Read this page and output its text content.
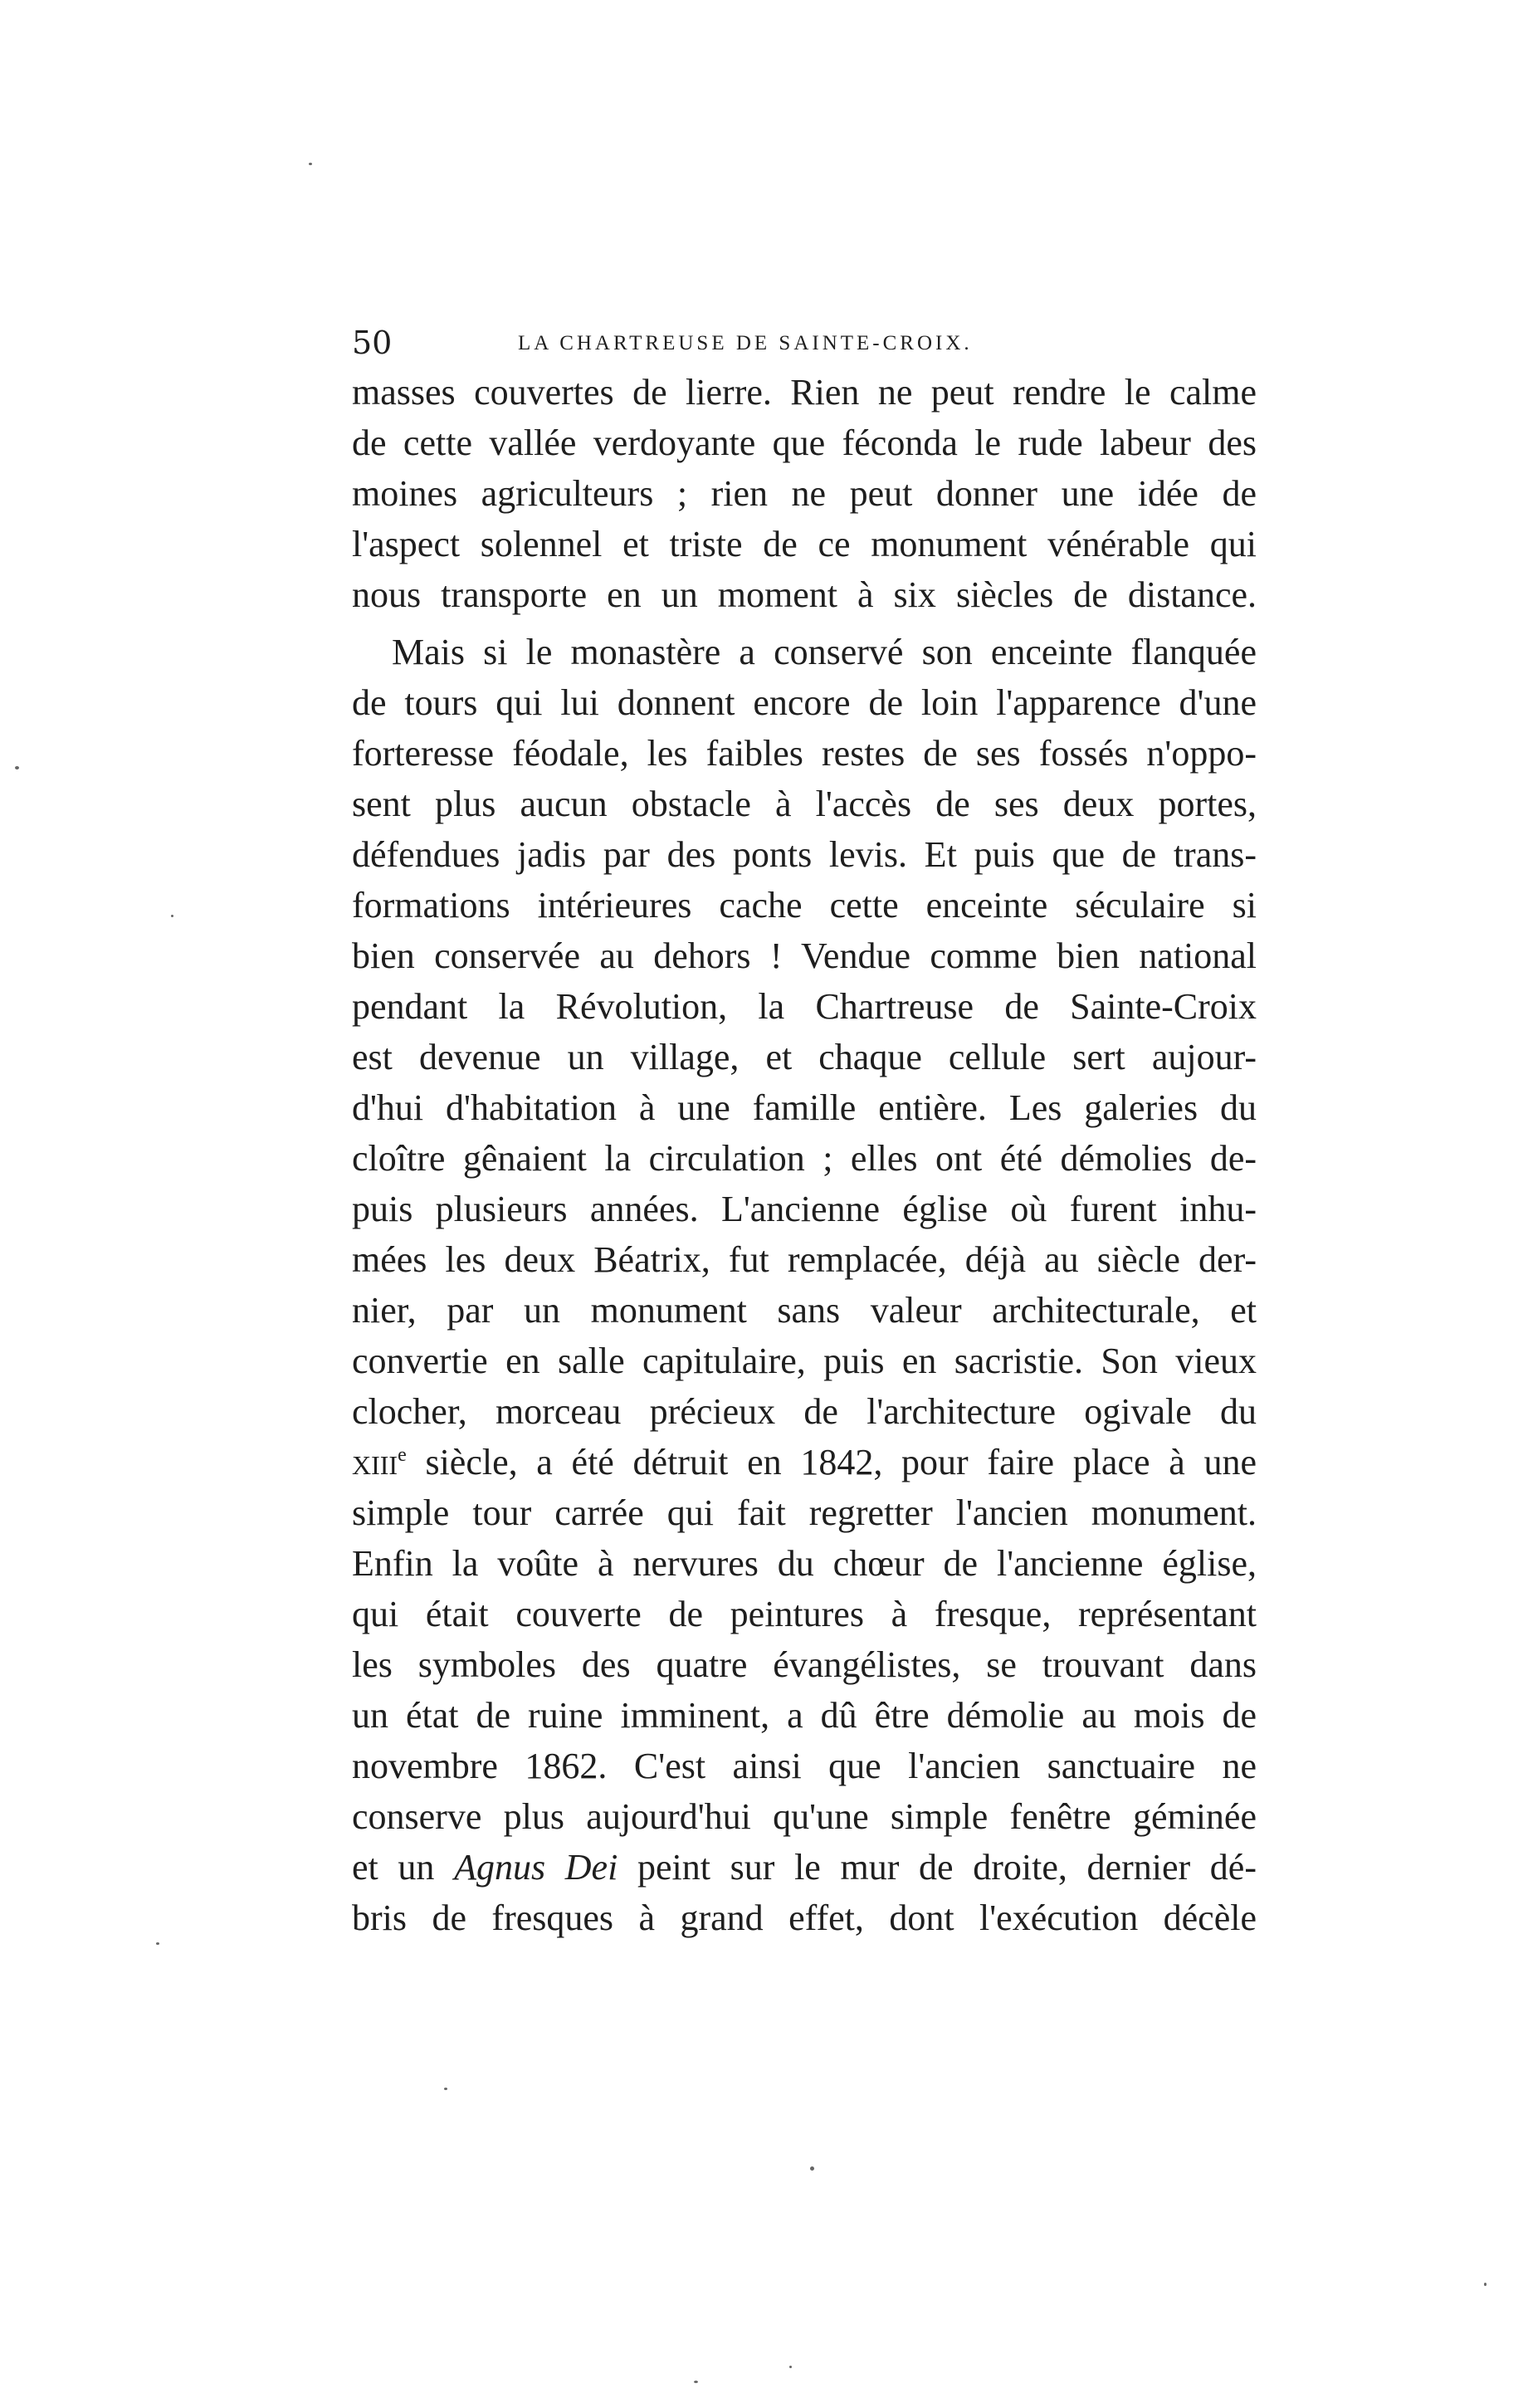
50	LA CHARTREUSE DE SAINTE-CROIX.
masses couvertes de lierre. Rien ne peut rendre le calme
de cette vallée verdoyante que féconda le rude labeur des
moines agriculteurs ; rien ne peut donner une idée de
l'aspect solennel et triste de ce monument vénérable qui
nous transporte en un moment à six siècles de distance.
Mais si le monastère a conservé son enceinte flanquée
de tours qui lui donnent encore de loin l'apparence d'une
forteresse féodale, les faibles restes de ses fossés n'oppo-
sent plus aucun obstacle à l'accès de ses deux portes,
défendues jadis par des ponts levis. Et puis que de trans-
formations intérieures cache cette enceinte séculaire si
bien conservée au dehors ! Vendue comme bien national
pendant la Révolution, la Chartreuse de Sainte-Croix
est devenue un village, et chaque cellule sert aujour-
d'hui d'habitation à une famille entière. Les galeries du
cloître gênaient la circulation ; elles ont été démolies de-
puis plusieurs années. L'ancienne église où furent inhu-
mées les deux Béatrix, fut remplacée, déjà au siècle der-
nier, par un monument sans valeur architecturale, et
convertie en salle capitulaire, puis en sacristie. Son vieux
clocher, morceau précieux de l'architecture ogivale du
XIIIe siècle, a été détruit en 1842, pour faire place à une
simple tour carrée qui fait regretter l'ancien monument.
Enfin la voûte à nervures du chœur de l'ancienne église,
qui était couverte de peintures à fresque, représentant
les symboles des quatre évangélistes, se trouvant dans
un état de ruine imminent, a dû être démolie au mois de
novembre 1862. C'est ainsi que l'ancien sanctuaire ne
conserve plus aujourd'hui qu'une simple fenêtre géminée
et un Agnus Dei peint sur le mur de droite, dernier dé-
bris de fresques à grand effet, dont l'exécution décèle
